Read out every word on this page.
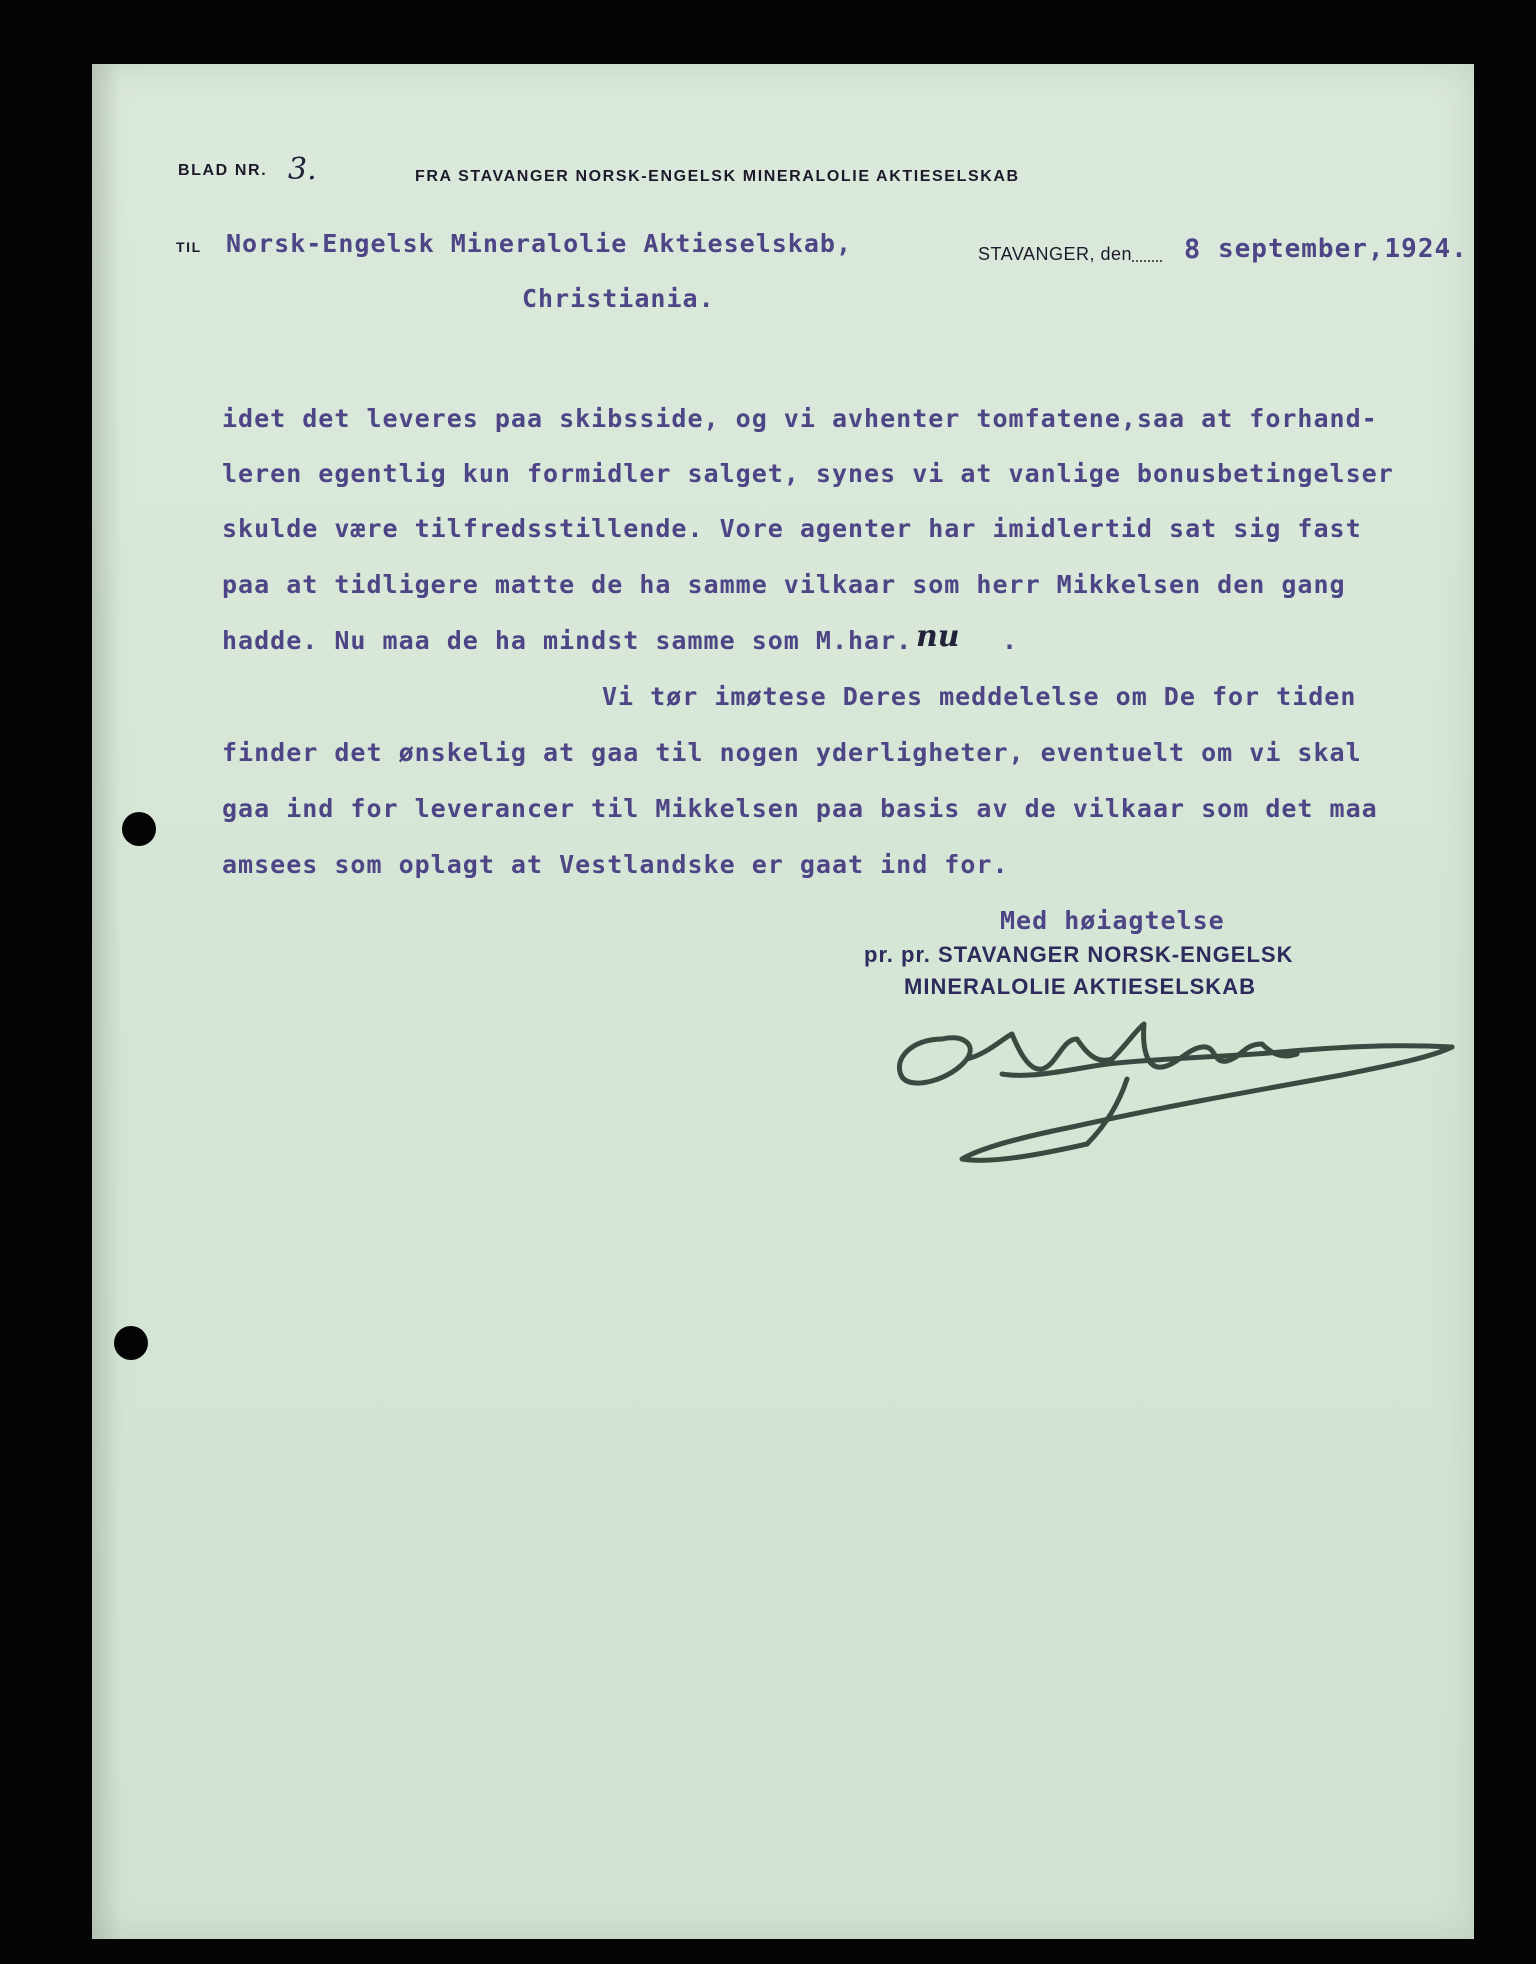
BLAD NR. 3.	FRA STAVANGER NORSK-ENGELSK MINERALOLIE AKTIESELSKAB
TIL Norsk-Engelsk Mineralolie Aktieselskab,
Christiania.
STAVANGER, den 8 september,1924.
idet det leveres paa skibsside, og vi avhenter tomfatene,saa at forhand-
leren egentlig kun formidler salget, synes vi at vanlige bonusbetingelser
skulde være tilfredsstillende. Vore agenter har imidlertid sat sig fast
paa at tidligere matte de ha samme vilkaar som herr Mikkelsen den gang
hadde. Nu maa de ha mindst samme som M.har. nu .
Vi tør imøtese Deres meddelelse om De for tiden
finder det ønskelig at gaa til nogen yderligheter, eventuelt om vi skal
gaa ind for leverancer til Mikkelsen paa basis av de vilkaar som det maa
amsees som oplagt at Vestlandske er gaat ind for.
Med høiagtelse
pr. pr. STAVANGER NORSK-ENGELSK
MINERALOLIE AKTIESELSKAB
